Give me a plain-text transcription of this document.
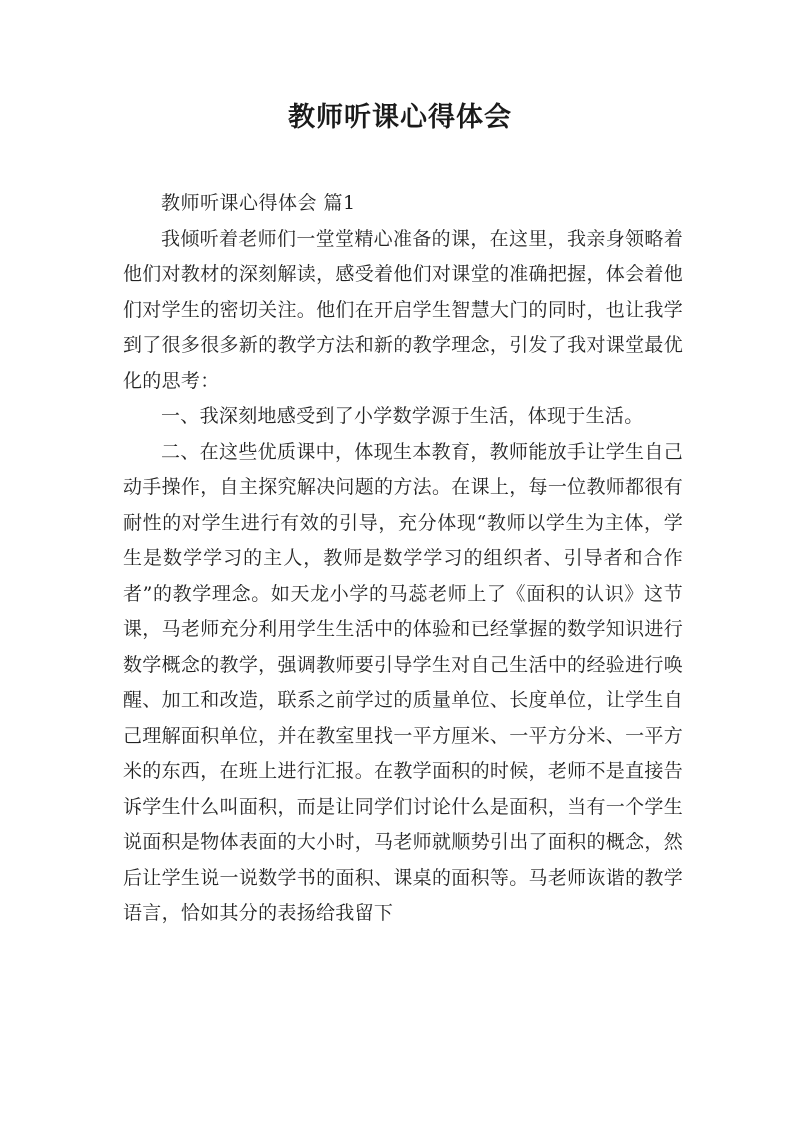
教师听课心得体会

教师听课心得体会 篇1

我倾听着老师们一堂堂精心准备的课，在这里，我亲身领略着他们对教材的深刻解读，感受着他们对课堂的准确把握，体会着他们对学生的密切关注。他们在开启学生智慧大门的同时，也让我学到了很多很多新的教学方法和新的教学理念，引发了我对课堂最优化的思考：

一、我深刻地感受到了小学数学源于生活，体现于生活。

二、在这些优质课中，体现生本教育，教师能放手让学生自己动手操作，自主探究解决问题的方法。在课上，每一位教师都很有耐性的对学生进行有效的引导，充分体现“教师以学生为主体，学生是数学学习的主人，教师是数学学习的组织者、引导者和合作者”的教学理念。如天龙小学的马蕊老师上了《面积的认识》这节课，马老师充分利用学生生活中的体验和已经掌握的数学知识进行数学概念的教学，强调教师要引导学生对自己生活中的经验进行唤醒、加工和改造，联系之前学过的质量单位、长度单位，让学生自己理解面积单位，并在教室里找一平方厘米、一平方分米、一平方米的东西，在班上进行汇报。在教学面积的时候，老师不是直接告诉学生什么叫面积，而是让同学们讨论什么是面积，当有一个学生说面积是物体表面的大小时，马老师就顺势引出了面积的概念，然后让学生说一说数学书的面积、课桌的面积等。马老师诙谐的教学语言，恰如其分的表扬给我留下
